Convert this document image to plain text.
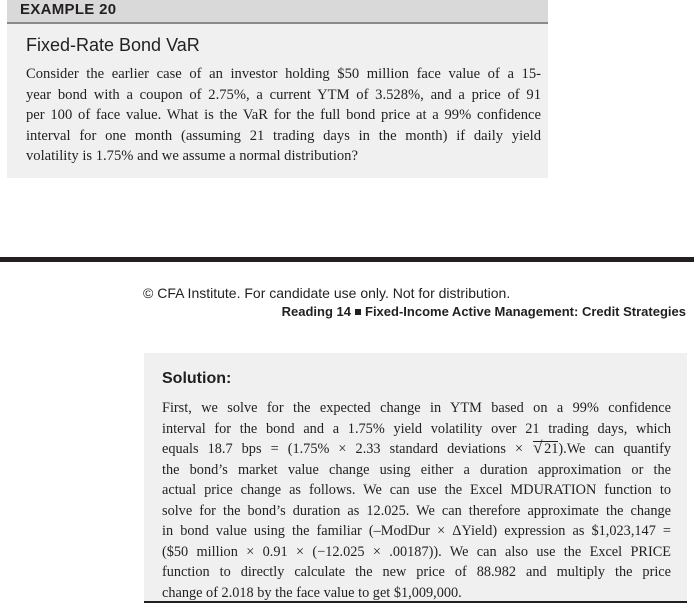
EXAMPLE 20
Fixed-Rate Bond VaR
Consider the earlier case of an investor holding $50 million face value of a 15-
year bond with a coupon of 2.75%, a current YTM of 3.528%, and a price of 91
per 100 of face value. What is the VaR for the full bond price at a 99% confidence
interval for one month (assuming 21 trading days in the month) if daily yield
volatility is 1.75% and we assume a normal distribution?
© CFA Institute. For candidate use only. Not for distribution.
Reading 14 Fixed-Income Active Management: Credit Strategies
Solution:
First, we solve for the expected change in YTM based on a 99% confidence
interval for the bond and a 1.75% yield volatility over 21 trading days, which
equals 18.7 bps = (1.75% × 2.33 standard deviations × √ 21).We can quantify
the bond’s market value change using either a duration approximation or the
actual price change as follows. We can use the Excel MDURATION function to
solve for the bond’s duration as 12.025. We can therefore approximate the change
in bond value using the familiar (–ModDur × ΔYield) expression as $1,023,147 =
($50 million × 0.91 × (−12.025 × .00187)). We can also use the Excel PRICE
function to directly calculate the new price of 88.982 and multiply the price
change of 2.018 by the face value to get $1,009,000.
